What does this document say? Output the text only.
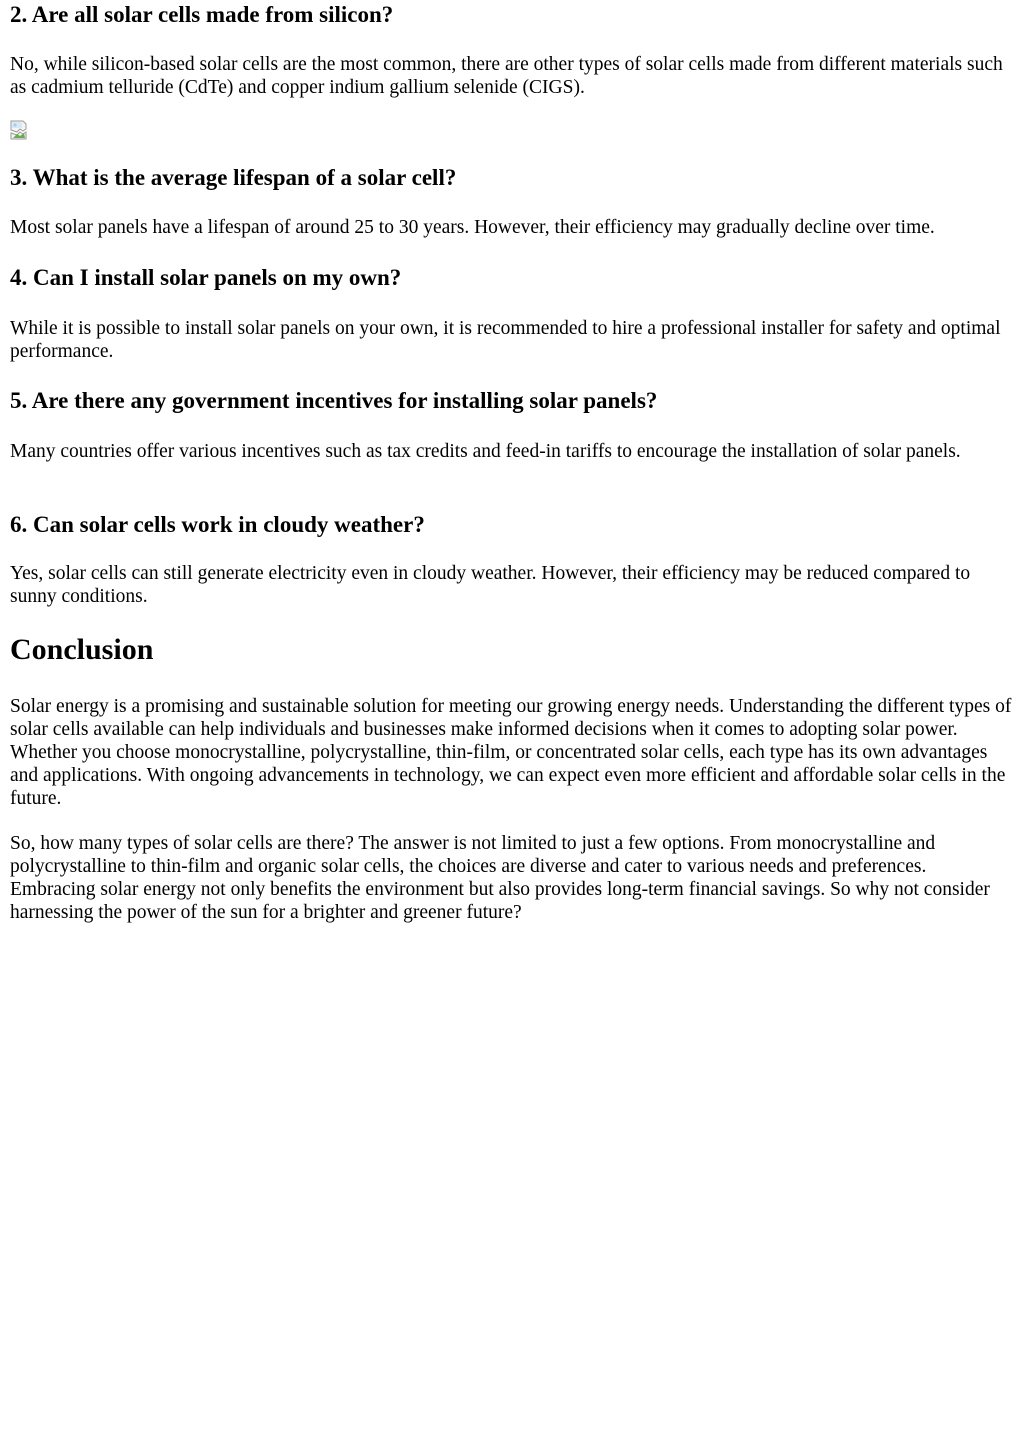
2. Are all solar cells made from silicon?

No, while silicon-based solar cells are the most common, there are other types of solar cells made from different materials such as cadmium telluride (CdTe) and copper indium gallium selenide (CIGS).

3. What is the average lifespan of a solar cell?

Most solar panels have a lifespan of around 25 to 30 years. However, their efficiency may gradually decline over time.

4. Can I install solar panels on my own?

While it is possible to install solar panels on your own, it is recommended to hire a professional installer for safety and optimal performance.

5. Are there any government incentives for installing solar panels?

Many countries offer various incentives such as tax credits and feed-in tariffs to encourage the installation of solar panels.

6. Can solar cells work in cloudy weather?

Yes, solar cells can still generate electricity even in cloudy weather. However, their efficiency may be reduced compared to sunny conditions.

Conclusion

Solar energy is a promising and sustainable solution for meeting our growing energy needs. Understanding the different types of solar cells available can help individuals and businesses make informed decisions when it comes to adopting solar power. Whether you choose monocrystalline, polycrystalline, thin-film, or concentrated solar cells, each type has its own advantages and applications. With ongoing advancements in technology, we can expect even more efficient and affordable solar cells in the future.

So, how many types of solar cells are there? The answer is not limited to just a few options. From monocrystalline and polycrystalline to thin-film and organic solar cells, the choices are diverse and cater to various needs and preferences. Embracing solar energy not only benefits the environment but also provides long-term financial savings. So why not consider harnessing the power of the sun for a brighter and greener future?
